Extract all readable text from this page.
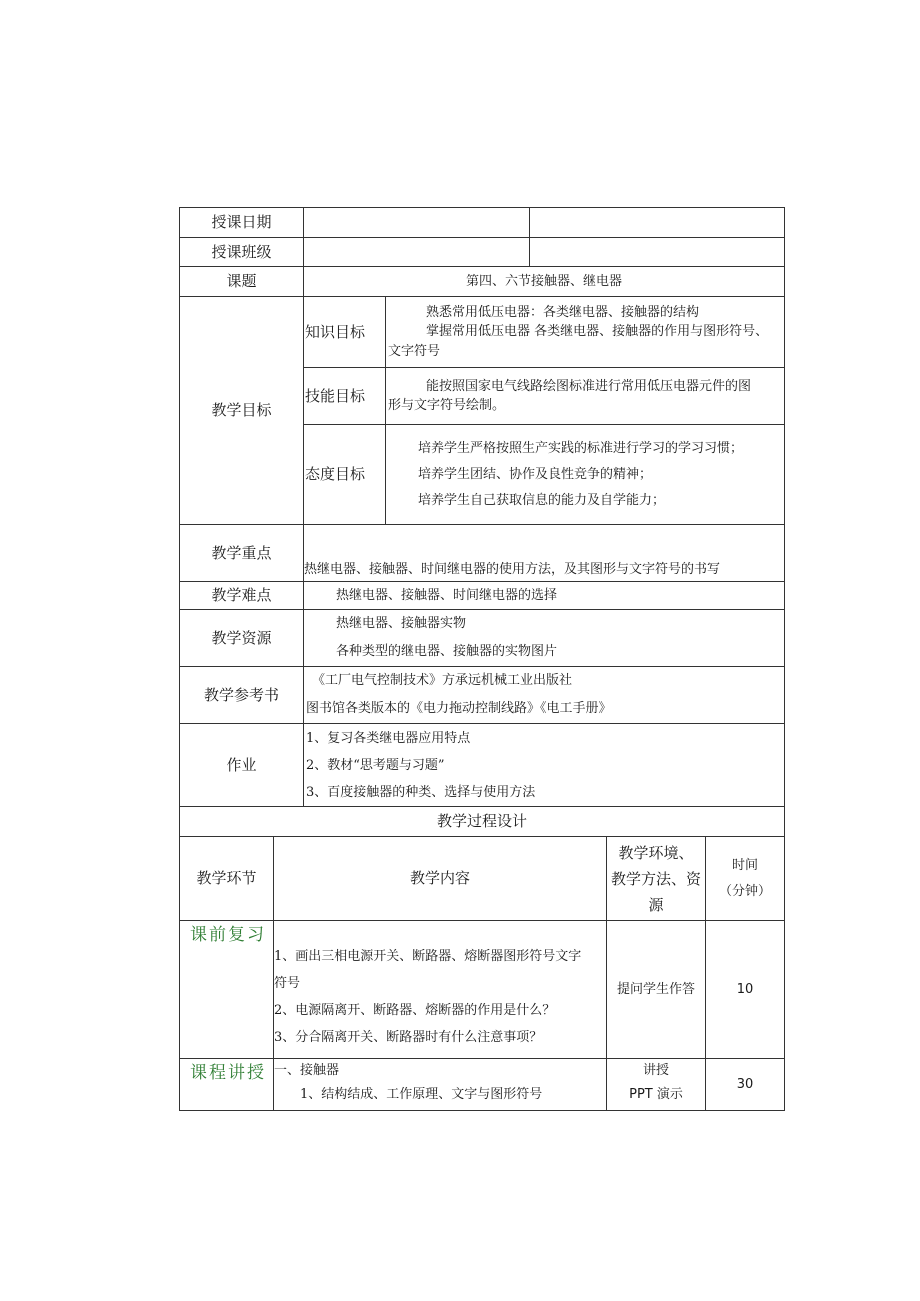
授课日期		
授课班级		
课题	第四、六节接触器、继电器	
教学目标	知识目标	熟悉常用低压电器：各类继电器、接触器的结构
掌握常用低压电器 各类继电器、接触器的作用与图形符号、
文字符号

	技能目标	能按照国家电气线路绘图标准进行常用低压电器元件的图
形与文字符号绘制。

	态度目标	培养学生严格按照生产实践的标准进行学习的学习习惯；
培养学生团结、协作及良性竞争的精神；
培养学生自己获取信息的能力及自学能力；
教学重点	热继电器、接触器、时间继电器的使用方法，及其图形与文字符号的书写
教学难点	热继电器、接触器、时间继电器的选择
教学资源	热继电器、接触器实物
各种类型的继电器、接触器的实物图片

教学参考书	《工厂电气控制技术》方承远机械工业出版社
图书馆各类版本的《电力拖动控制线路》《电工手册》

作业	1、复习各类继电器应用特点
2、教材“思考题与习题”
3、百度接触器的种类、选择与使用方法
教学过程设计			
教学环节	教学内容	教学环境、
教学方法、资
源	时间
（分钟）

课前复习	1、画出三相电源开关、断路器、熔断器图形符号文字
符号
2、电源隔离开、断路器、熔断器的作用是什么？
3、分合隔离开关、断路器时有什么注意事项？	提问学生作答	10
课程讲授	一、接触器
1、结构结成、工作原理、文字与图形符号	讲授
PPT 演示	30
